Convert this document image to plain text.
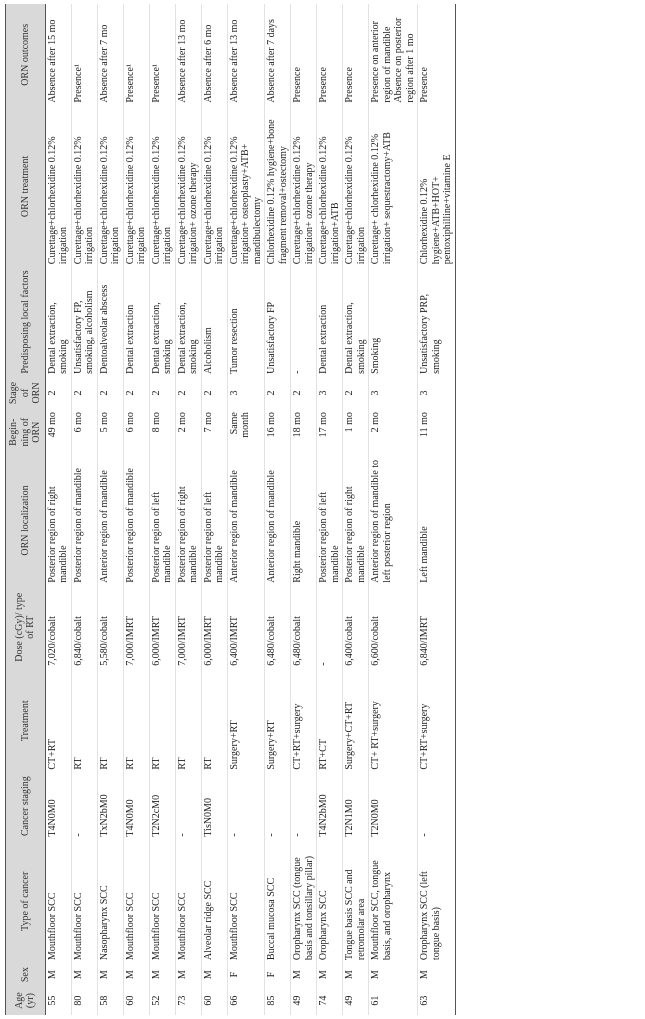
Age (yr)	Sex	Type of cancer	Cancer staging	Treatment	Dose (cGy)/ type of RT	ORN localization	Begin- ning of ORN	Stage of ORN	Predisposing local factors	ORN treatment	ORN outcomes
55	M	Mouthfloor SCC	T4N0M0	CT+RT	7,020/cobalt	Posterior region of right mandible	49 mo	2	Dental extraction, smoking	Curettage+chlorhexidine 0.12% irrigation	Absence after 15 mo
80	M	Mouthfloor SCC	-	RT	6,840/cobalt	Posterior region of mandible	6 mo	2	Unsatisfactory FP, smoking, alcoholism	Curettage+chlorhexidine 0.12% irrigation	Presence¹
58	M	Nasopharynx SCC	TxN2bM0	RT	5,580/cobalt	Anterior region of mandible	5 mo	2	Dentoalveolar abscess	Curettage+chlorhexidine 0.12% irrigation	Absence after 7 mo
60	M	Mouthfloor SCC	T4N0M0	RT	7,000/IMRT	Posterior region of mandible	6 mo	2	Dental extraction	Curettage+chlorhexidine 0.12% irrigation	Presence¹
52	M	Mouthfloor SCC	T2N2cM0	RT	6,000/IMRT	Posterior region of left mandible	8 mo	2	Dental extraction, smoking	Curettage+chlorhexidine 0.12% irrigation	Presence¹
73	M	Mouthfloor SCC	-	RT	7,000/IMRT	Posterior region of right mandible	2 mo	2	Dental extraction, smoking	Curettage+chlorhexidine 0.12% irrigation+ ozone therapy	Absence after 13 mo
60	M	Alveolar ridge SCC	TisN0M0	RT	6,000/IMRT	Posterior region of left mandible	7 mo	2	Alcoholism	Curettage+chlorhexidine 0.12% irrigation	Absence after 6 mo
66	F	Mouthfloor SCC	-	Surgery+RT	6,400/IMRT	Anterior region of mandible	Same month	3	Tumor resection	Curettage+chlorhexidine 0.12% irrigation+ osteoplasty+ATB+ mandibulectomy	Absence after 13 mo
85	F	Buccal mucosa SCC	-	Surgery+RT	6,480/cobalt	Anterior region of mandible	16 mo	2	Unsatisfactory FP	Chlorhexidine 0.12% hygiene+bone fragment removal+ostectomy	Absence after 7 days
49	M	Oropharynx SCC (tongue basis and tonsillary pillar)	-	CT+RT+surgery	6,480/cobalt	Right mandible	18 mo	2	-	Curettage+chlorhexidine 0.12% irrigation+ ozone therapy	Presence
74	M	Oropharynx SCC	T4N2bM0	RT+CT	-	Posterior region of left mandible	17 mo	3	Dental extraction	Curettage+chlorhexidine 0.12% irrigation+ATB	Presence
49	M	Tongue basis SCC and retromolar area	T2N1M0	Surgery+CT+RT	6,400/cobalt	Posterior region of right mandible	1 mo	2	Dental extraction, smoking	Curettage+chlorhexidine 0.12% irrigation	Presence
61	M	Mouthfloor SCC, tongue basis, and oropharynx	T2N0M0	CT+ RT+surgery	6,600/cobalt	Anterior region of mandible to left posterior region	2 mo	3	Smoking	Curettage+ chlorhexidine 0.12% irrigation+ sequestractomy+ATB	Presence on anterior region of mandible Absence on posterior region after 1 mo
63	M	Oropharynx SCC (left tongue basis)	-	CT+RT+surgery	6,840/IMRT	Left mandible	11 mo	3	Unsatisfactory PRP, smoking	Chlorhexidine 0.12% hygiene+ATB+HOT+ pentoxiphilline+vitamine E	Presence
